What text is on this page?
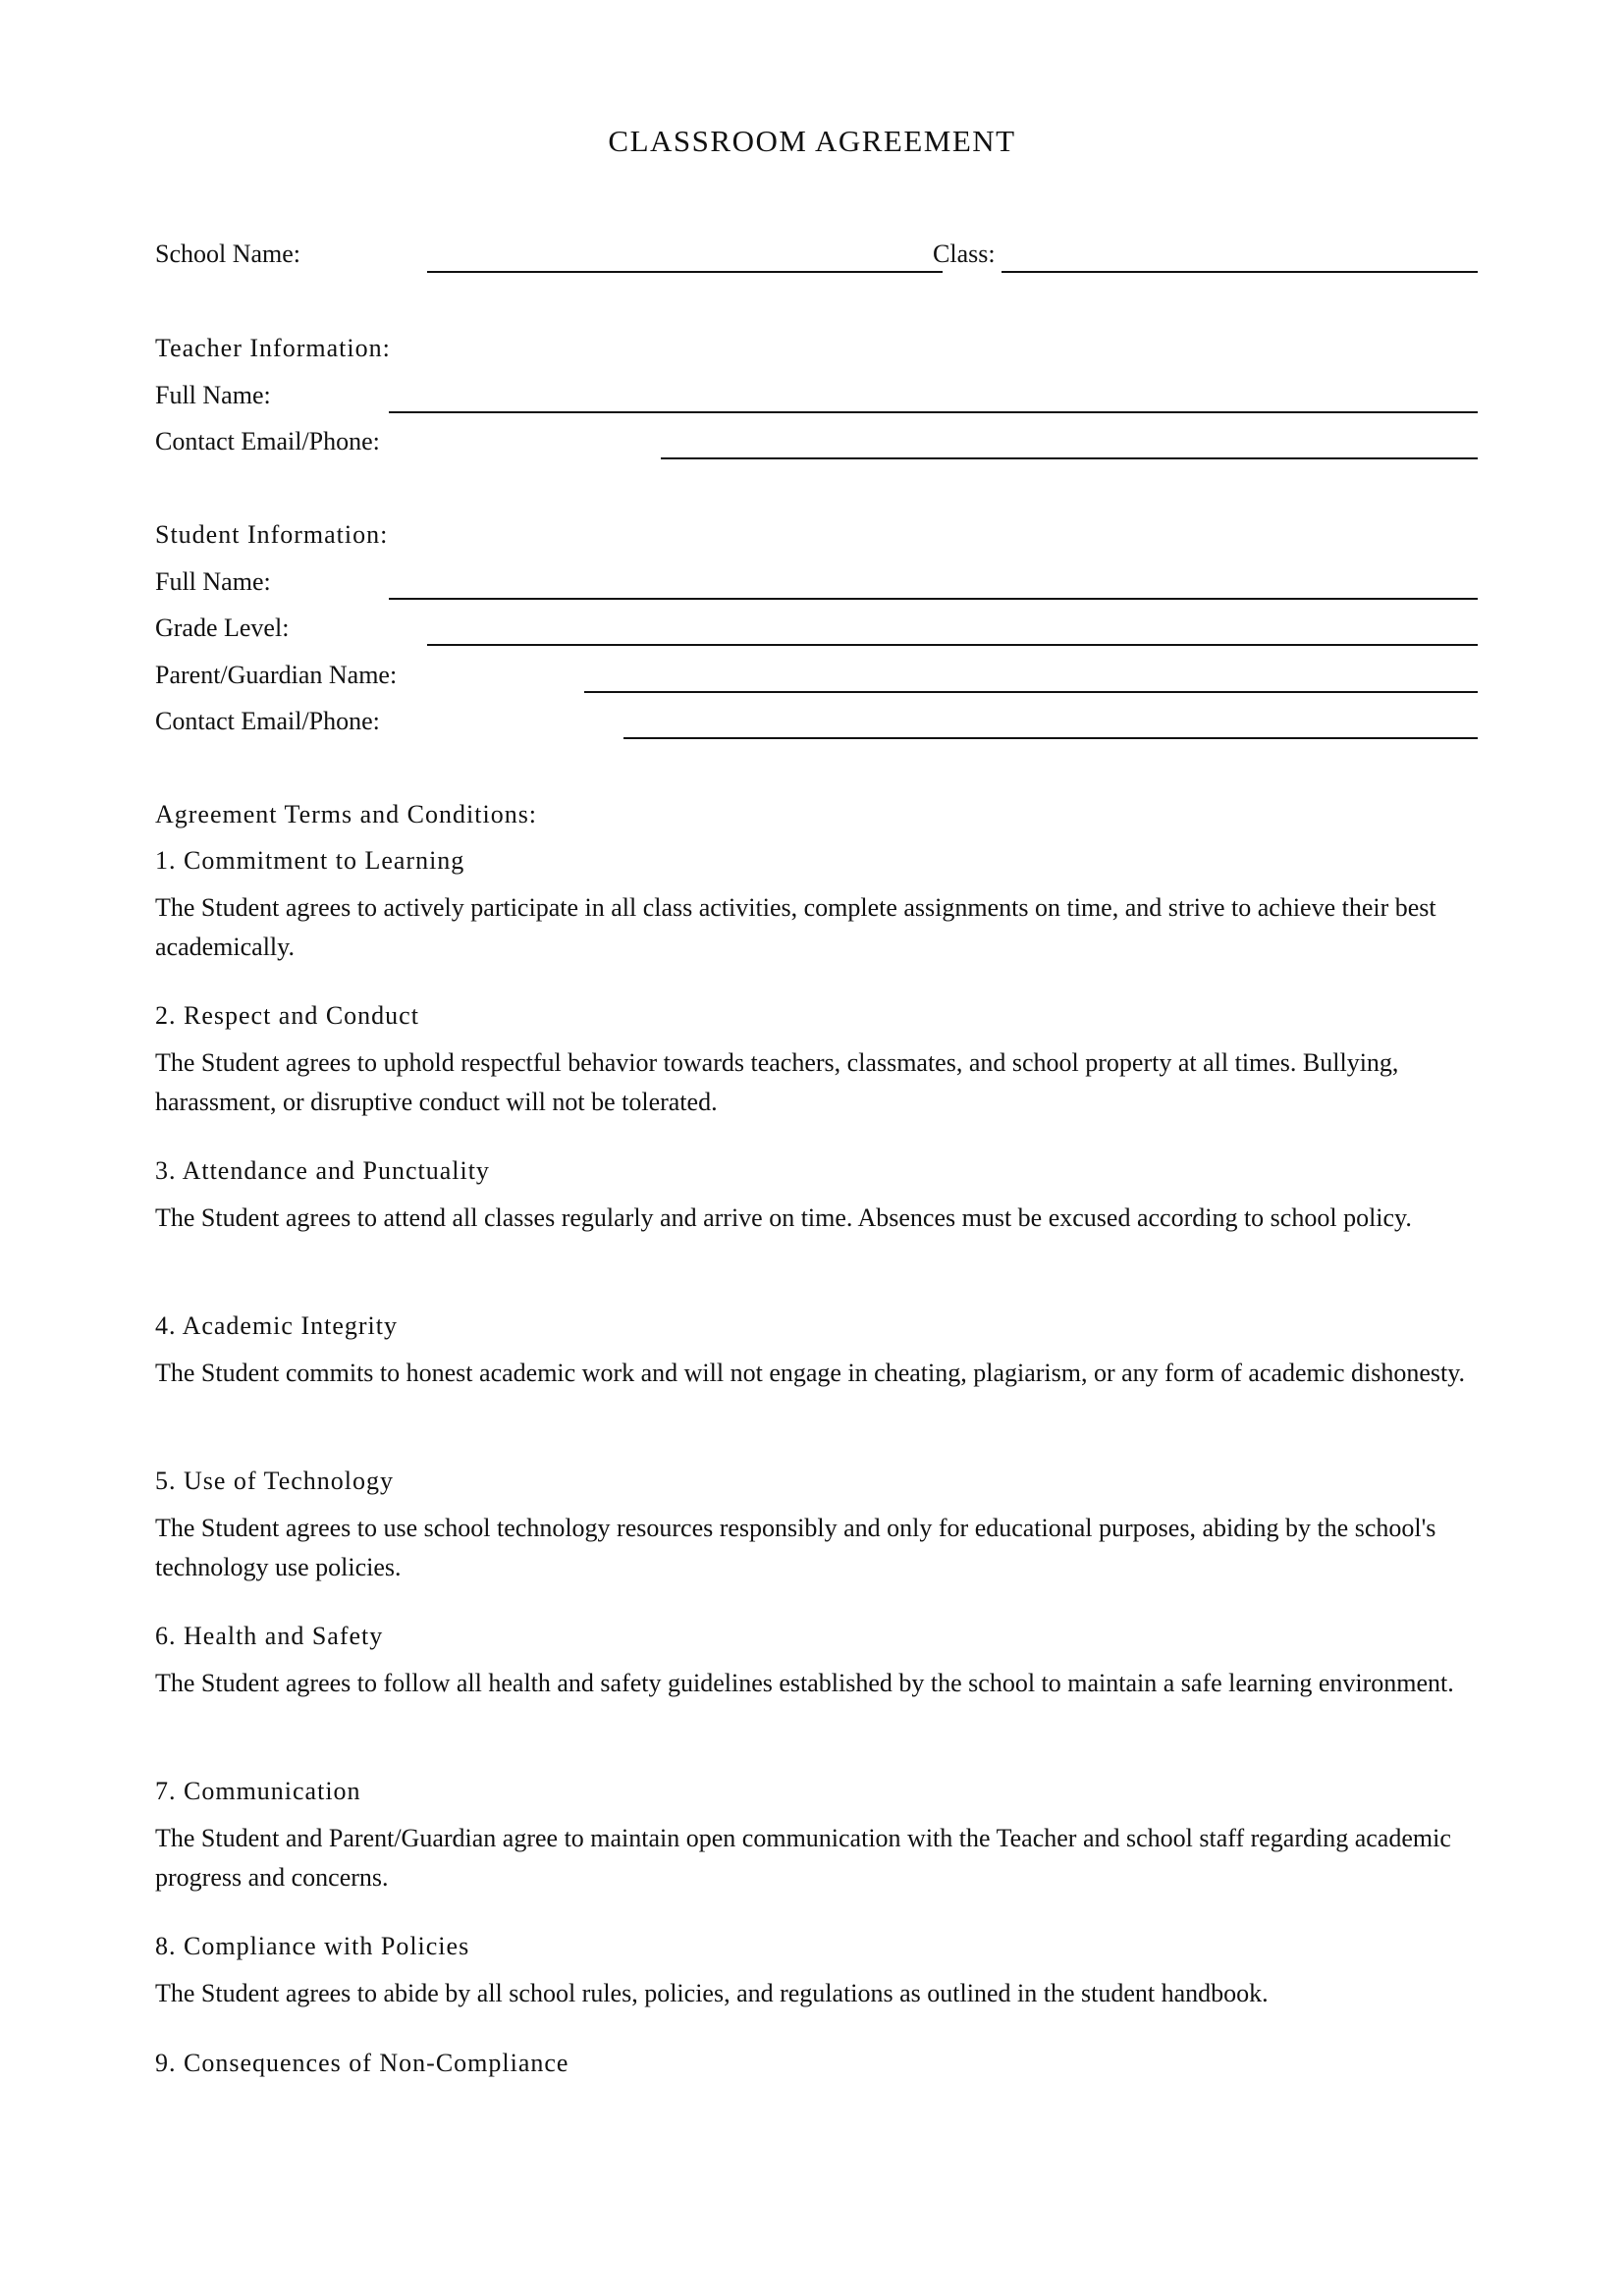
CLASSROOM AGREEMENT
School Name:	Class:
Teacher Information:
Full Name:
Contact Email/Phone:
Student Information:
Full Name:
Grade Level:
Parent/Guardian Name:
Contact Email/Phone:
Agreement Terms and Conditions:
1. Commitment to Learning
The Student agrees to actively participate in all class activities, complete assignments on time, and strive to achieve their best academically.
2. Respect and Conduct
The Student agrees to uphold respectful behavior towards teachers, classmates, and school property at all times. Bullying, harassment, or disruptive conduct will not be tolerated.
3. Attendance and Punctuality
The Student agrees to attend all classes regularly and arrive on time. Absences must be excused according to school policy.
4. Academic Integrity
The Student commits to honest academic work and will not engage in cheating, plagiarism, or any form of academic dishonesty.
5. Use of Technology
The Student agrees to use school technology resources responsibly and only for educational purposes, abiding by the school's technology use policies.
6. Health and Safety
The Student agrees to follow all health and safety guidelines established by the school to maintain a safe learning environment.
7. Communication
The Student and Parent/Guardian agree to maintain open communication with the Teacher and school staff regarding academic progress and concerns.
8. Compliance with Policies
The Student agrees to abide by all school rules, policies, and regulations as outlined in the student handbook.
9. Consequences of Non-Compliance
